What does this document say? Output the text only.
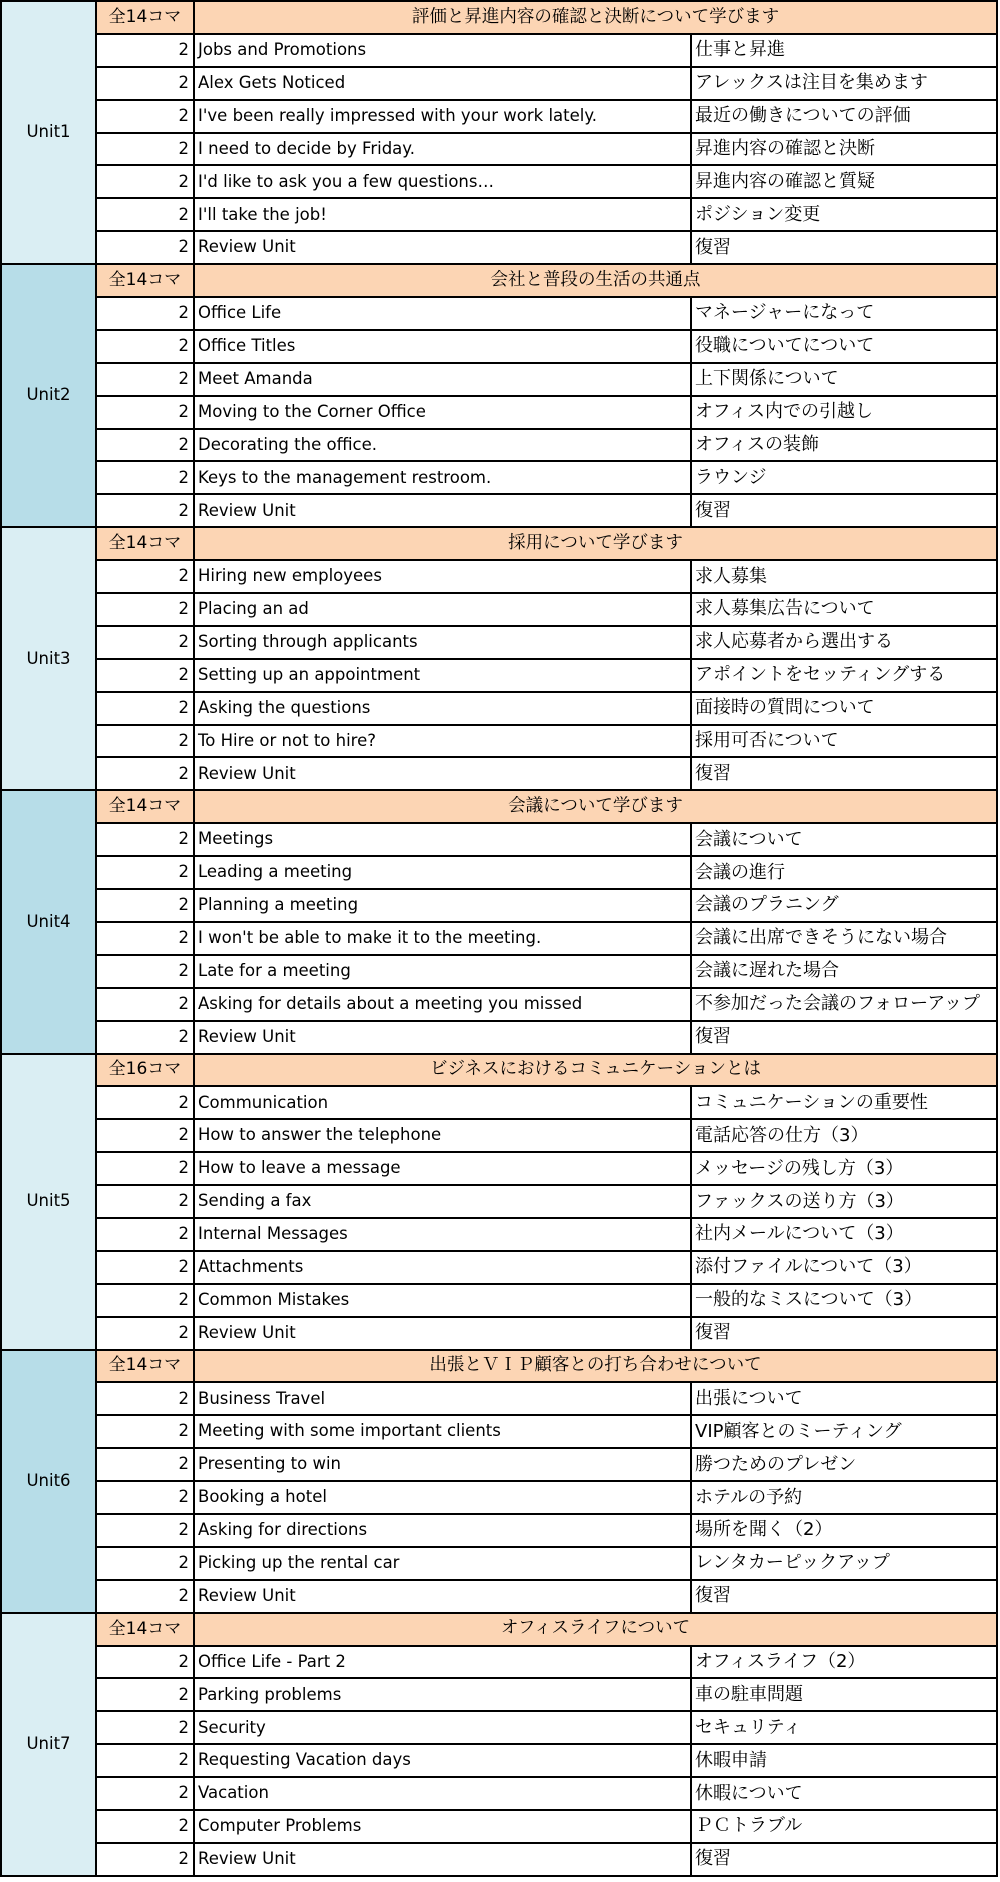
Unit1
全14コマ	評価と昇進内容の確認と決断について学びます
2 Jobs and Promotions	仕事と昇進
2 Alex Gets Noticed	アレックスは注目を集めます
2 I've been really impressed with your work lately.	最近の働きについての評価
2 I need to decide by Friday.	昇進内容の確認と決断
2 I'd like to ask you a few questions…	昇進内容の確認と質疑
2 I'll take the job!	ポジション変更
2 Review Unit	復習
Unit2
全14コマ	会社と普段の生活の共通点
2 Office Life	マネージャーになって
2 Office Titles	役職についてについて
2 Meet Amanda	上下関係について
2 Moving to the Corner Office	オフィス内での引越し
2 Decorating the office.	オフィスの装飾
2 Keys to the management restroom.	ラウンジ
2 Review Unit	復習
Unit3
全14コマ	採用について学びます
2 Hiring new employees	求人募集
2 Placing an ad	求人募集広告について
2 Sorting through applicants	求人応募者から選出する
2 Setting up an appointment	アポイントをセッティングする
2 Asking the questions	面接時の質問について
2 To Hire or not to hire?	採用可否について
2 Review Unit	復習
Unit4
全14コマ	会議について学びます
2 Meetings	会議について
2 Leading a meeting	会議の進行
2 Planning a meeting	会議のプラニング
2 I won't be able to make it to the meeting.	会議に出席できそうにない場合
2 Late for a meeting	会議に遅れた場合
2 Asking for details about a meeting you missed	不参加だった会議のフォローアップ
2 Review Unit	復習
Unit5
全16コマ	ビジネスにおけるコミュニケーションとは
2 Communication	コミュニケーションの重要性
2 How to answer the telephone	電話応答の仕方（3）
2 How to leave a message	メッセージの残し方（3）
2 Sending a fax	ファックスの送り方（3）
2 Internal Messages	社内メールについて（3）
2 Attachments	添付ファイルについて（3）
2 Common Mistakes	一般的なミスについて（3）
2 Review Unit	復習
Unit6
全14コマ	出張とＶＩＰ顧客との打ち合わせについて
2 Business Travel	出張について
2 Meeting with some important clients	VIP顧客とのミーティング
2 Presenting to win	勝つためのプレゼン
2 Booking a hotel	ホテルの予約
2 Asking for directions	場所を聞く（2）
2 Picking up the rental car	レンタカーピックアップ
2 Review Unit	復習
Unit7
全14コマ	オフィスライフについて
2 Office Life - Part 2	オフィスライフ（2）
2 Parking problems	車の駐車問題
2 Security	セキュリティ
2 Requesting Vacation days	休暇申請
2 Vacation	休暇について
2 Computer Problems	ＰＣトラブル
2 Review Unit	復習
